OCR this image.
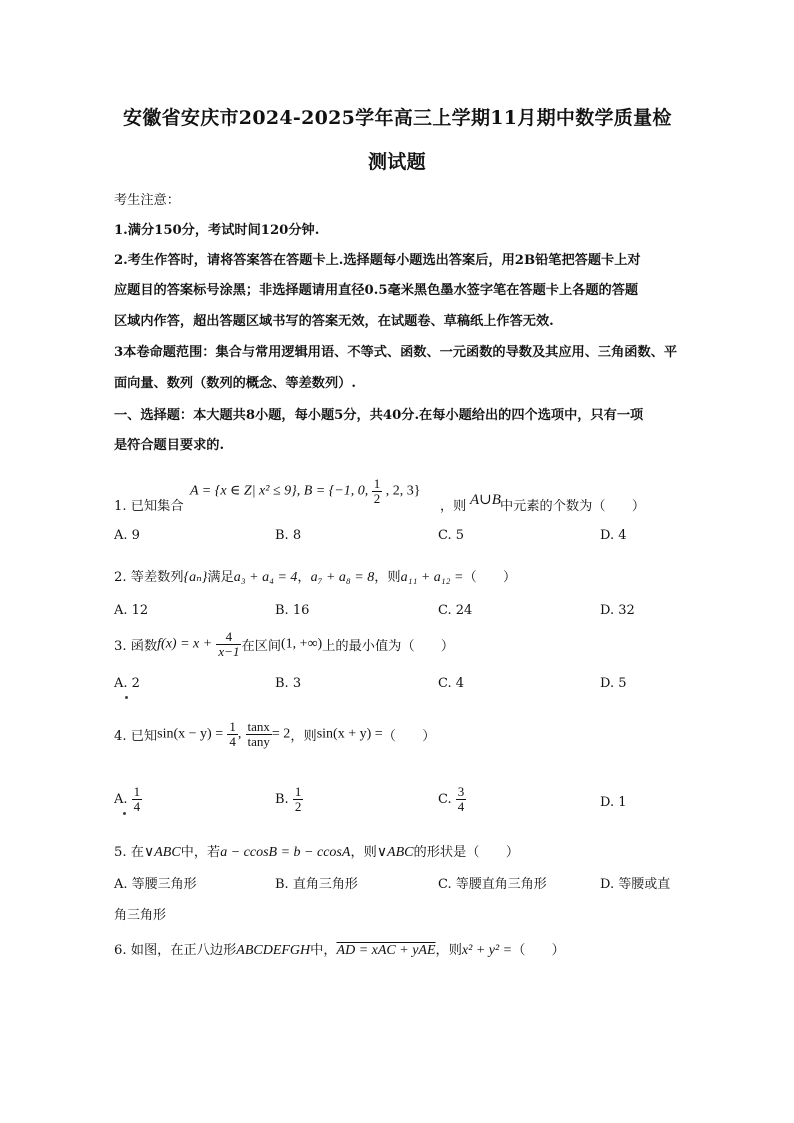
安徽省安庆市2024-2025学年高三上学期11月期中数学质量检
测试题
考生注意：
1.满分150分，考试时间120分钟.
2.考生作答时，请将答案答在答题卡上.选择题每小题选出答案后，用2B铅笔把答题卡上对
应题目的答案标号涂黑；非选择题请用直径0.5毫米黑色墨水签字笔在答题卡上各题的答题
区域内作答，超出答题区域书写的答案无效，在试题卷、草稿纸上作答无效.
3本卷命题范围：集合与常用逻辑用语、不等式、函数、一元函数的导数及其应用、三角函数、平
面向量、数列（数列的概念、等差数列）.
一、选择题：本大题共8小题，每小题5分，共40分.在每小题给出的四个选项中，只有一项
是符合题目要求的.
1. 已知集合
A = {x ∈ Z| x² ≤ 9}, B = {−1, 0, $\frac{1}{2}$ , 2, 3}
，则 A∪B 中元素的个数为（　　）
A. 9	B. 8	C. 5	D. 4
2. 等差数列{aₙ}满足a₃ + a₄ = 4，a₇ + a₈ = 8，则a₁₁ + a₁₂ =（　　）
A. 12	B. 16	C. 24	D. 32
3. 函数$f(x) = x + \frac{4}{x-1}$ 在区间(1, +∞)上的最小值为（　　）
A. 2	B. 3	C. 4	D. 5
4. 已知$\sin(x - y) = \frac{1}{4}$ , $\frac{\tan x}{\tan y} = 2$，则sin(x + y) =（　　）
A. $\frac{1}{4}$	B. $\frac{1}{2}$	C. $\frac{3}{4}$	D. 1
5. 在∨ABC中，若a − ccosB = b − ccosA，则∨ABC的形状是（　　）
A. 等腰三角形	B. 直角三角形	C. 等腰直角三角形	D. 等腰或直
角三角形
6. 如图，在正八边形ABCDEFGH中，AD = xAC + yAE，则x² + y² =（　　）
